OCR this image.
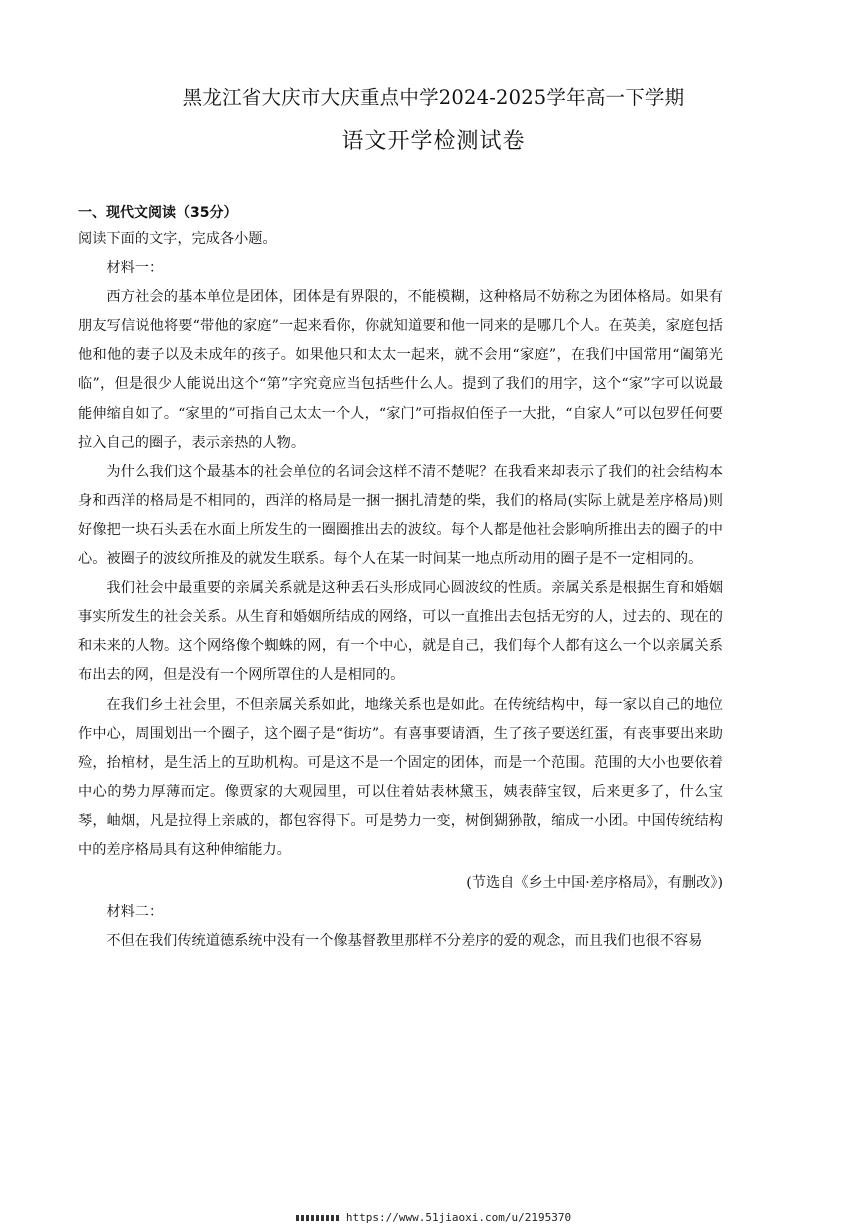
黑龙江省大庆市大庆重点中学2024-2025学年高一下学期
语文开学检测试卷

一、现代文阅读（35分）

阅读下面的文字，完成各小题。

材料一：

西方社会的基本单位是团体，团体是有界限的，不能模糊，这种格局不妨称之为团体格局。如果有朋友写信说他将要“带他的家庭”一起来看你，你就知道要和他一同来的是哪几个人。在英美，家庭包括他和他的妻子以及未成年的孩子。如果他只和太太一起来，就不会用“家庭”，在我们中国常用“阖第光临”，但是很少人能说出这个“第”字究竟应当包括些什么人。提到了我们的用字，这个“家”字可以说最能伸缩自如了。“家里的”可指自己太太一个人，“家门”可指叔伯侄子一大批，“自家人”可以包罗任何要拉入自己的圈子，表示亲热的人物。

为什么我们这个最基本的社会单位的名词会这样不清不楚呢？在我看来却表示了我们的社会结构本身和西洋的格局是不相同的，西洋的格局是一捆一捆扎清楚的柴，我们的格局(实际上就是差序格局)则好像把一块石头丢在水面上所发生的一圈圈推出去的波纹。每个人都是他社会影响所推出去的圈子的中心。被圈子的波纹所推及的就发生联系。每个人在某一时间某一地点所动用的圈子是不一定相同的。

我们社会中最重要的亲属关系就是这种丢石头形成同心圆波纹的性质。亲属关系是根据生育和婚姻事实所发生的社会关系。从生育和婚姻所结成的网络，可以一直推出去包括无穷的人，过去的、现在的和未来的人物。这个网络像个蜘蛛的网，有一个中心，就是自己，我们每个人都有这么一个以亲属关系布出去的网，但是没有一个网所罩住的人是相同的。

在我们乡土社会里，不但亲属关系如此，地缘关系也是如此。在传统结构中，每一家以自己的地位作中心，周围划出一个圈子，这个圈子是“街坊”。有喜事要请酒，生了孩子要送红蛋，有丧事要出来助殓，抬棺材，是生活上的互助机构。可是这不是一个固定的团体，而是一个范围。范围的大小也要依着中心的势力厚薄而定。像贾家的大观园里，可以住着姑表林黛玉，姨表薛宝钗，后来更多了，什么宝琴，岫烟，凡是拉得上亲戚的，都包容得下。可是势力一变，树倒猢狲散，缩成一小团。中国传统结构中的差序格局具有这种伸缩能力。

(节选自《乡土中国·差序格局》，有删改》)

材料二：

不但在我们传统道德系统中没有一个像基督教里那样不分差序的爱的观念，而且我们也很不容易

https://www.51jiaoxi.com/u/2195370
